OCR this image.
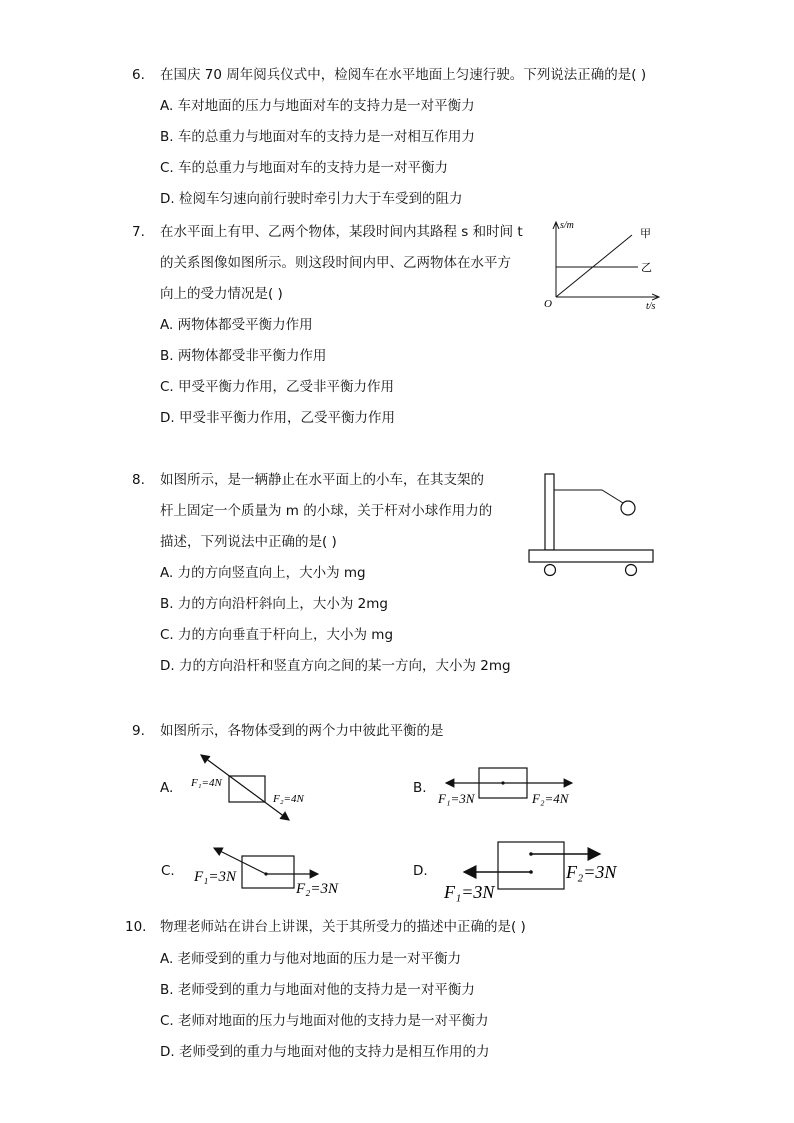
6. 在国庆 70 周年阅兵仪式中，检阅车在水平地面上匀速行驶。下列说法正确的是( )
A. 车对地面的压力与地面对车的支持力是一对平衡力
B. 车的总重力与地面对车的支持力是一对相互作用力
C. 车的总重力与地面对车的支持力是一对平衡力
D. 检阅车匀速向前行驶时牵引力大于车受到的阻力
7. 在水平面上有甲、乙两个物体，某段时间内其路程 s 和时间 t
的关系图像如图所示。则这段时间内甲、乙两物体在水平方
向上的受力情况是( )
A. 两物体都受平衡力作用
B. 两物体都受非平衡力作用
C. 甲受平衡力作用，乙受非平衡力作用
D. 甲受非平衡力作用，乙受平衡力作用
s/m
t/s
O
甲
乙
8. 如图所示，是一辆静止在水平面上的小车，在其支架的
杆上固定一个质量为 m 的小球，关于杆对小球作用力的
描述，下列说法中正确的是( )
A. 力的方向竖直向上，大小为 mg
B. 力的方向沿杆斜向上，大小为 2mg
C. 力的方向垂直于杆向上，大小为 mg
D. 力的方向沿杆和竖直方向之间的某一方向，大小为 2mg
9. 如图所示，各物体受到的两个力中彼此平衡的是
A. F₁=4N
F₂=4N
B.
F₁=3N	F₂=4N
C. F₁=3N
F₂=3N
D.
F₁=3N
F₂=3N
10. 物理老师站在讲台上讲课，关于其所受力的描述中正确的是( )
A. 老师受到的重力与他对地面的压力是一对平衡力
B. 老师受到的重力与地面对他的支持力是一对平衡力
C. 老师对地面的压力与地面对他的支持力是一对平衡力
D. 老师受到的重力与地面对他的支持力是相互作用的力
